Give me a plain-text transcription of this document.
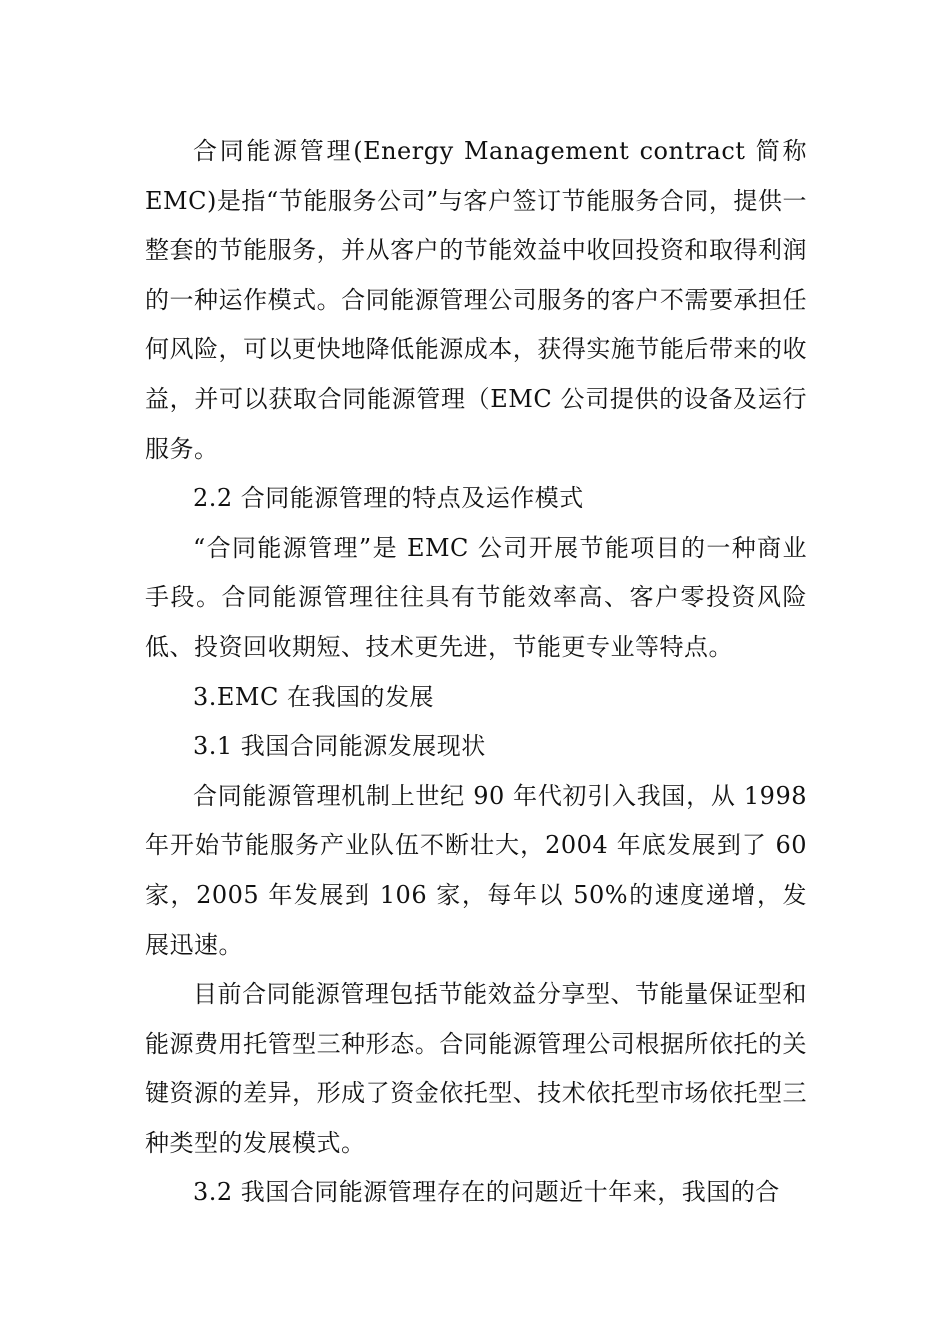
合同能源管理(Energy Management contract 简称 EMC)是指“节能服务公司”与客户签订节能服务合同，提供一整套的节能服务，并从客户的节能效益中收回投资和取得利润的一种运作模式。合同能源管理公司服务的客户不需要承担任何风险，可以更快地降低能源成本，获得实施节能后带来的收益，并可以获取合同能源管理（EMC 公司提供的设备及运行服务。

2.2 合同能源管理的特点及运作模式

“合同能源管理”是 EMC 公司开展节能项目的一种商业手段。合同能源管理往往具有节能效率高、客户零投资风险低、投资回收期短、技术更先进，节能更专业等特点。

3.EMC 在我国的发展

3.1 我国合同能源发展现状

合同能源管理机制上世纪 90 年代初引入我国，从 1998 年开始节能服务产业队伍不断壮大，2004 年底发展到了 60 家，2005 年发展到 106 家，每年以 50%的速度递增，发展迅速。

目前合同能源管理包括节能效益分享型、节能量保证型和能源费用托管型三种形态。合同能源管理公司根据所依托的关键资源的差异，形成了资金依托型、技术依托型市场依托型三种类型的发展模式。

3.2 我国合同能源管理存在的问题近十年来，我国的合
